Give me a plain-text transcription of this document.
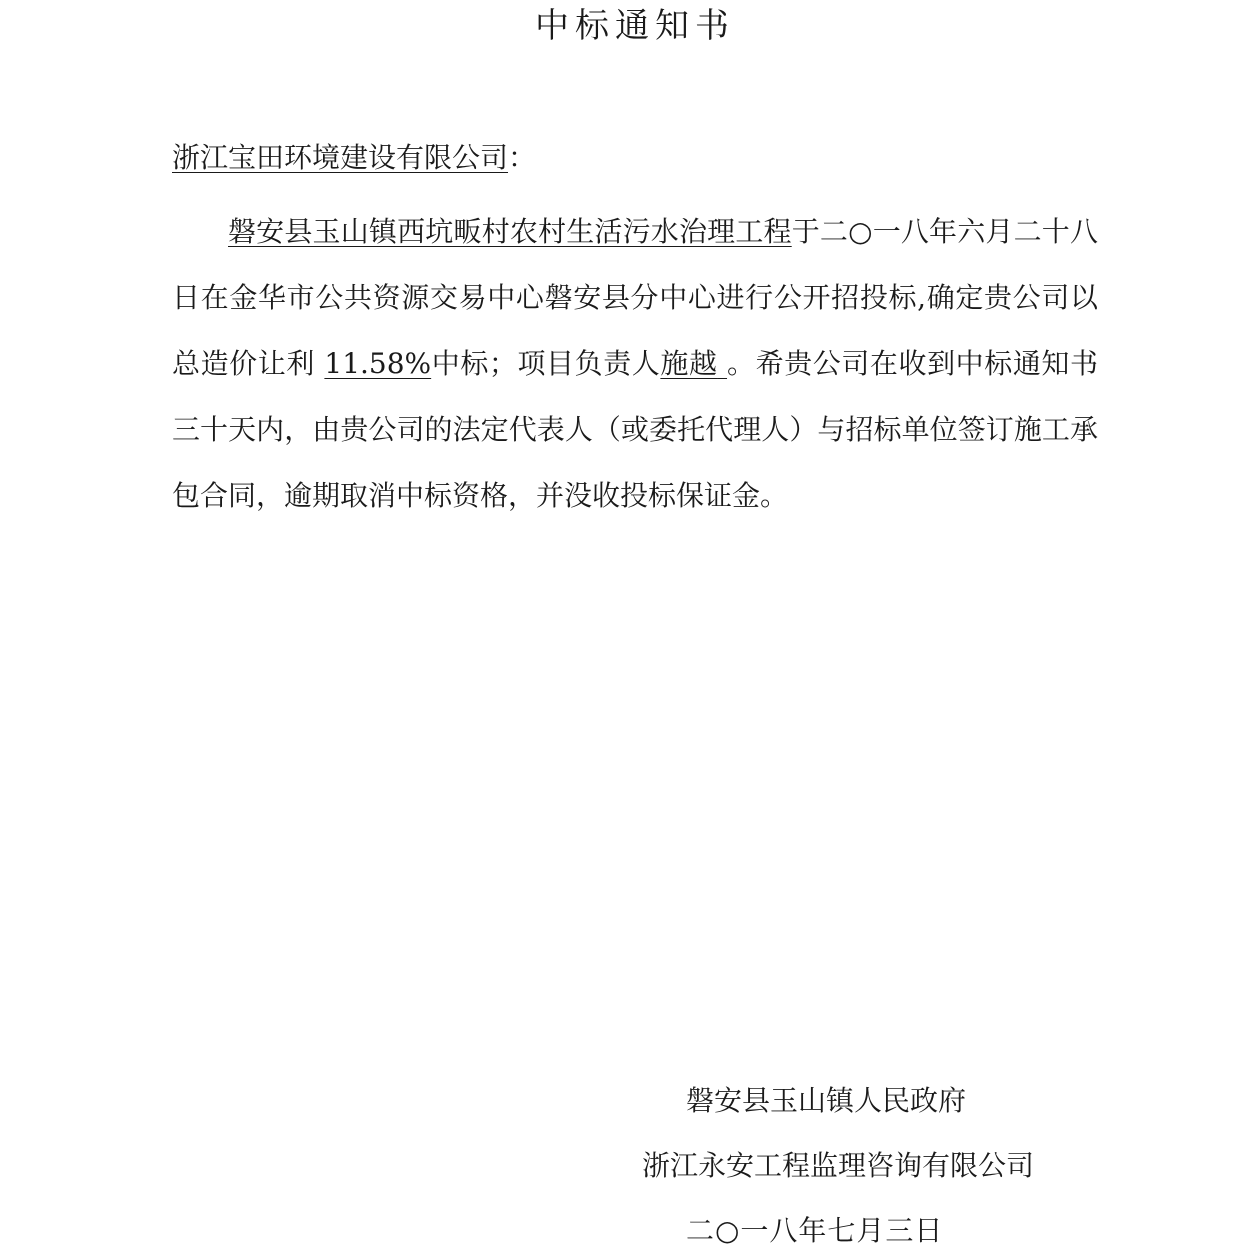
中标通知书
浙江宝田环境建设有限公司：

磐安县玉山镇西坑畈村农村生活污水治理工程于二○一八年六月二十八日在金华市公共资源交易中心磐安县分中心进行公开招投标,确定贵公司以总造价让利 11.58%中标；项目负责人施越 。希贵公司在收到中标通知书三十天内，由贵公司的法定代表人（或委托代理人）与招标单位签订施工承包合同，逾期取消中标资格，并没收投标保证金。

磐安县玉山镇人民政府
浙江永安工程监理咨询有限公司
二○一八年七月三日
